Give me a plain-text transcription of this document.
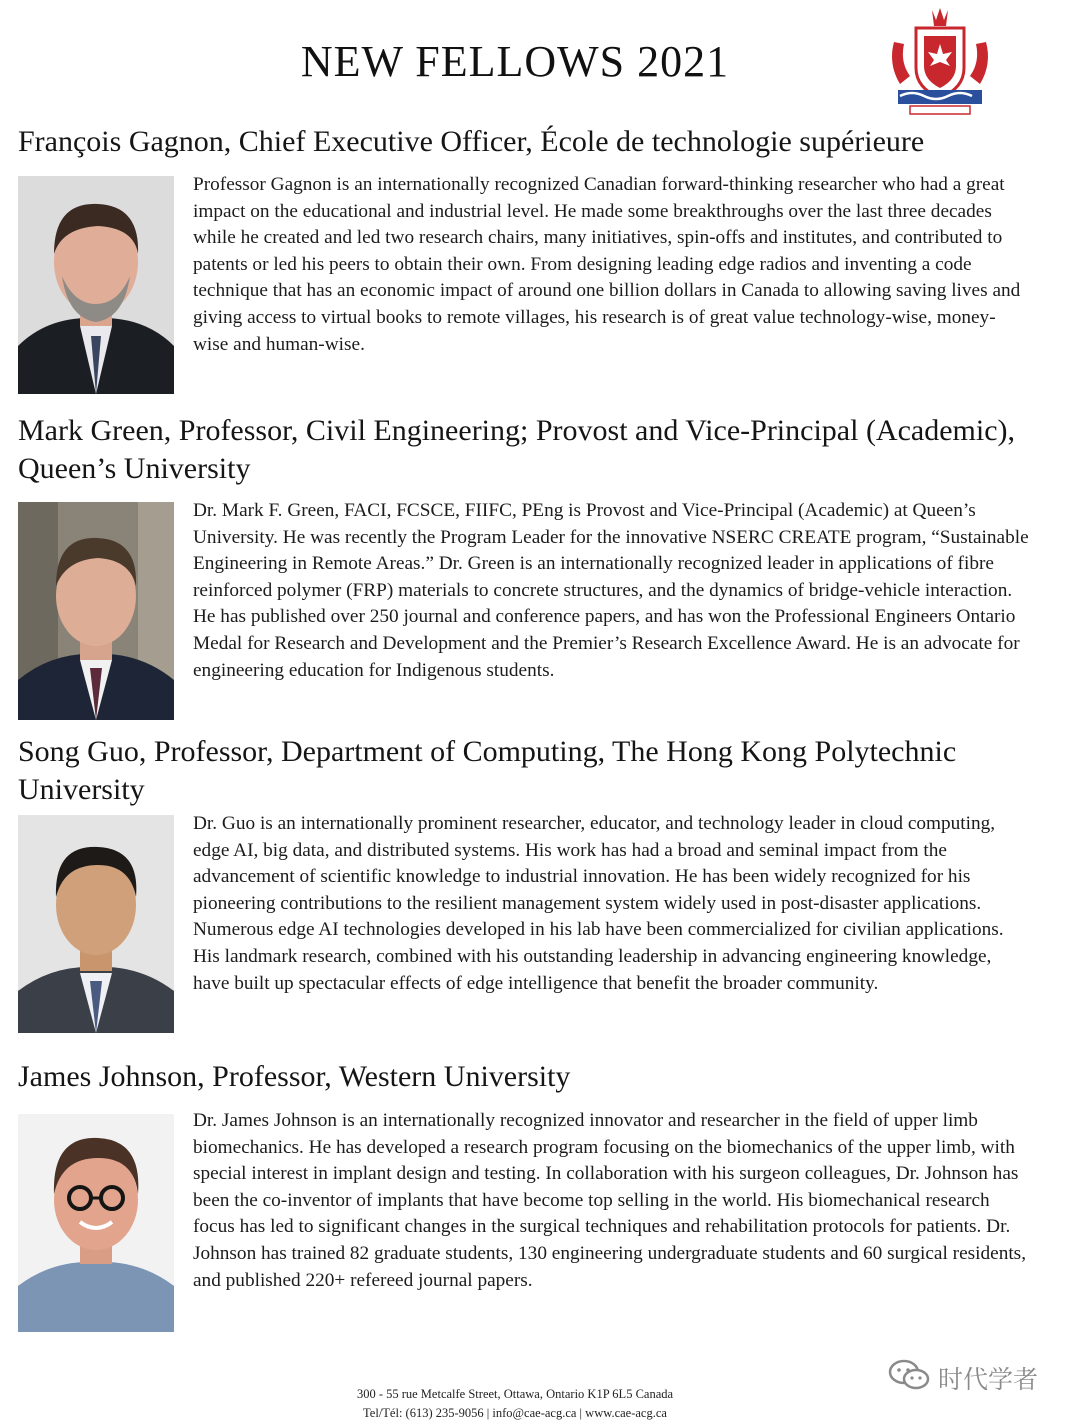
NEW FELLOWS 2021
François Gagnon, Chief Executive Officer, École de technologie supérieure
Professor Gagnon is an internationally recognized Canadian forward-thinking researcher who had a great impact on the educational and industrial level. He made some breakthroughs over the last three decades while he created and led two research chairs, many initiatives, spin-offs and institutes, and contributed to patents or led his peers to obtain their own. From designing leading edge radios and inventing a code technique that has an economic impact of around one billion dollars in Canada to allowing saving lives and giving access to virtual books to remote villages, his research is of great value technology-wise, money-wise and human-wise.
Mark Green, Professor, Civil Engineering; Provost and Vice-Principal (Academic), Queen’s University
Dr. Mark F. Green, FACI, FCSCE, FIIFC, PEng is Provost and Vice-Principal (Academic) at Queen’s University. He was recently the Program Leader for the innovative NSERC CREATE program, “Sustainable Engineering in Remote Areas.” Dr. Green is an internationally recognized leader in applications of fibre reinforced polymer (FRP) materials to concrete structures, and the dynamics of bridge-vehicle interaction. He has published over 250 journal and conference papers, and has won the Professional Engineers Ontario Medal for Research and Development and the Premier’s Research Excellence Award. He is an advocate for engineering education for Indigenous students.
Song Guo, Professor, Department of Computing, The Hong Kong Polytechnic University
Dr. Guo is an internationally prominent researcher, educator, and technology leader in cloud computing, edge AI, big data, and distributed systems. His work has had a broad and seminal impact from the advancement of scientific knowledge to industrial innovation. He has been widely recognized for his pioneering contributions to the resilient management system widely used in post-disaster applications. Numerous edge AI technologies developed in his lab have been commercialized for civilian applications. His landmark research, combined with his outstanding leadership in advancing engineering knowledge, have built up spectacular effects of edge intelligence that benefit the broader community.
James Johnson, Professor, Western University
Dr. James Johnson is an internationally recognized innovator and researcher in the field of upper limb biomechanics. He has developed a research program focusing on the biomechanics of the upper limb, with special interest in implant design and testing. In collaboration with his surgeon colleagues, Dr. Johnson has been the co-inventor of implants that have become top selling in the world. His biomechanical research focus has led to significant changes in the surgical techniques and rehabilitation protocols for patients. Dr. Johnson has trained 82 graduate students, 130 engineering undergraduate students and 60 surgical residents, and published 220+ refereed journal papers.
300 - 55 rue Metcalfe Street, Ottawa, Ontario K1P 6L5 Canada
Tel/Tél: (613) 235-9056 | info@cae-acg.ca | www.cae-acg.ca
时代学者
